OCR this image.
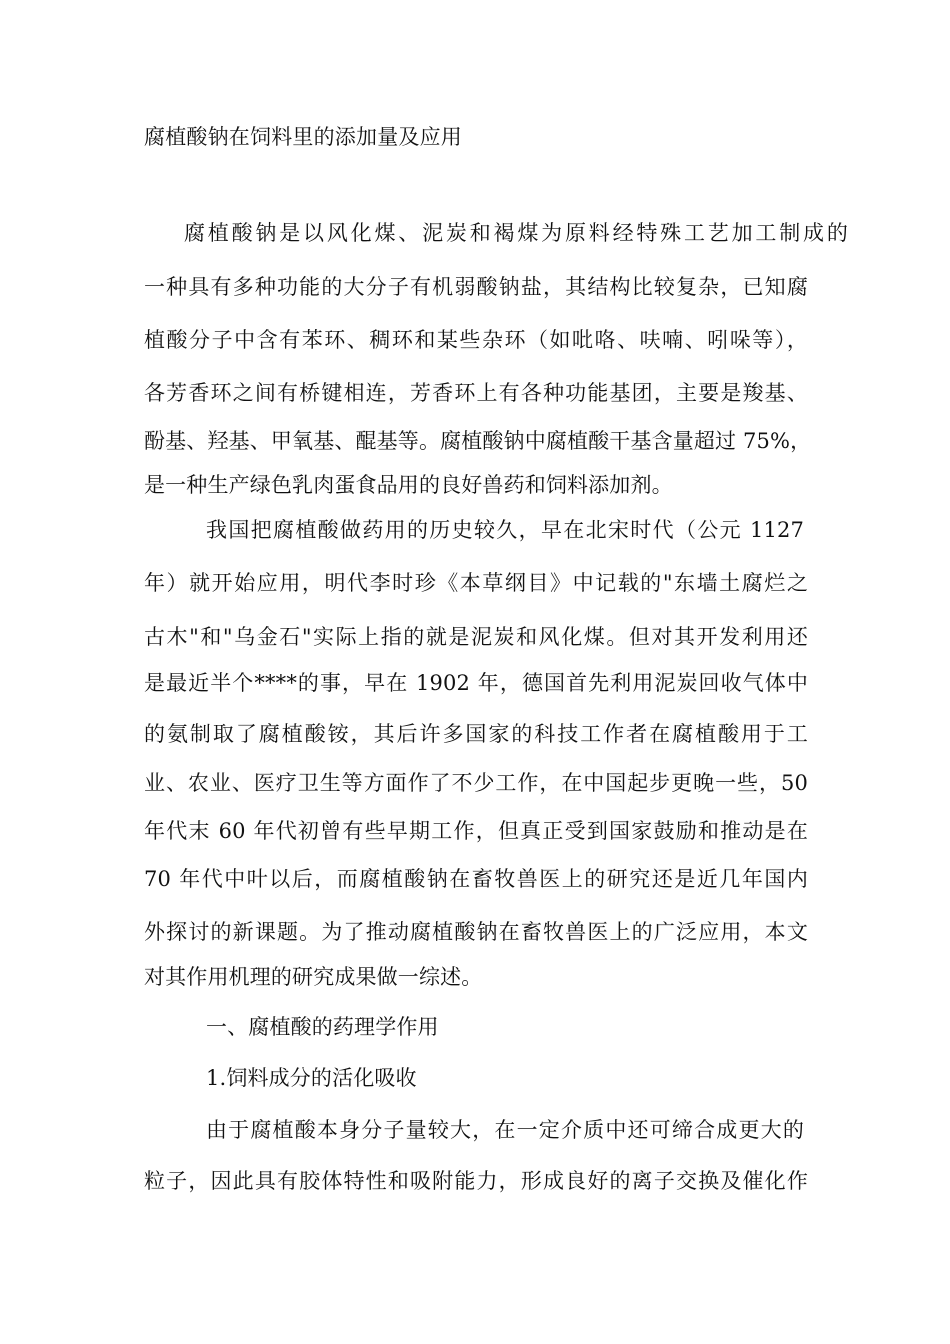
腐植酸钠在饲料里的添加量及应用
腐植酸钠是以风化煤、泥炭和褐煤为原料经特殊工艺加工制成的
一种具有多种功能的大分子有机弱酸钠盐，其结构比较复杂，已知腐
植酸分子中含有苯环、稠环和某些杂环（如吡咯、呋喃、吲哚等），
各芳香环之间有桥键相连，芳香环上有各种功能基团，主要是羧基、
酚基、羟基、甲氧基、醌基等。腐植酸钠中腐植酸干基含量超过 75%，
是一种生产绿色乳肉蛋食品用的良好兽药和饲料添加剂。
我国把腐植酸做药用的历史较久，早在北宋时代（公元 1127
年）就开始应用，明代李时珍《本草纲目》中记载的"东墙土腐烂之
古木"和"乌金石"实际上指的就是泥炭和风化煤。但对其开发利用还
是最近半个****的事，早在 1902 年，德国首先利用泥炭回收气体中
的氨制取了腐植酸铵，其后许多国家的科技工作者在腐植酸用于工
业、农业、医疗卫生等方面作了不少工作，在中国起步更晚一些，50
年代末 60 年代初曾有些早期工作，但真正受到国家鼓励和推动是在
70 年代中叶以后，而腐植酸钠在畜牧兽医上的研究还是近几年国内
外探讨的新课题。为了推动腐植酸钠在畜牧兽医上的广泛应用，本文
对其作用机理的研究成果做一综述。
一、腐植酸的药理学作用
1.饲料成分的活化吸收
由于腐植酸本身分子量较大，在一定介质中还可缔合成更大的
粒子，因此具有胶体特性和吸附能力，形成良好的离子交换及催化作
